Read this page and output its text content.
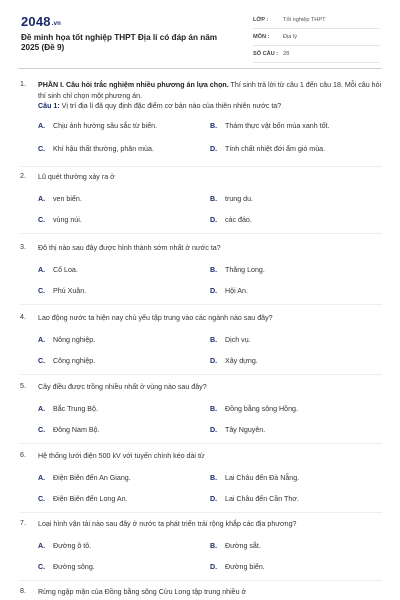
2048.vn
Đề minh họa tốt nghiệp THPT Địa lí có đáp án năm 2025 (Đề 9)
LỚP :	Tốt nghiệp THPT
MÔN :	Địa lý
SỐ CÂU : 28
1.	PHẦN I. Câu hỏi trắc nghiệm nhiều phương án lựa chọn. Thí sinh trả lời từ câu 1 đến câu 18. Mỗi câu hỏi thí sinh chỉ chọn một phương án.
Câu 1: Vị trí địa lí đã quy định đặc điểm cơ bản nào của thiên nhiên nước ta?
A.	Chịu ảnh hưởng sâu sắc từ biển.	B.	Thảm thực vật bốn mùa xanh tốt.
C.	Khí hậu thất thường, phân mùa.	D.	Tính chất nhiệt đới ẩm gió mùa.
2.	Lũ quét thường xảy ra ở
A.	ven biển.	B.	trung du.
C.	vùng núi.	D.	các đảo.
3.	Đô thị nào sau đây được hình thành sớm nhất ở nước ta?
A.	Cổ Loa.	B.	Thăng Long.
C.	Phú Xuân.	D.	Hội An.
4.	Lao động nước ta hiện nay chủ yếu tập trung vào các ngành nào sau đây?
A.	Nông nghiệp.	B.	Dịch vụ.
C.	Công nghiệp.	D.	Xây dựng.
5.	Cây điều được trồng nhiều nhất ở vùng nào sau đây?
A.	Bắc Trung Bộ.	B.	Đồng bằng sông Hồng.
C.	Đông Nam Bộ.	D.	Tây Nguyên.
6.	Hệ thống lưới điện 500 kV với tuyến chính kéo dài từ
A.	Điện Biên đến An Giang.	B.	Lai Châu đến Đà Nẵng.
C.	Điện Biên đến Long An.	D.	Lai Châu đến Cần Thơ.
7.	Loại hình vận tải nào sau đây ở nước ta phát triển trải rộng khắp các địa phương?
A.	Đường ô tô.	B.	Đường sắt.
C.	Đường sông.	D.	Đường biển.
8.	Rừng ngập mặn của Đồng bằng sông Cửu Long tập trung nhiều ở
